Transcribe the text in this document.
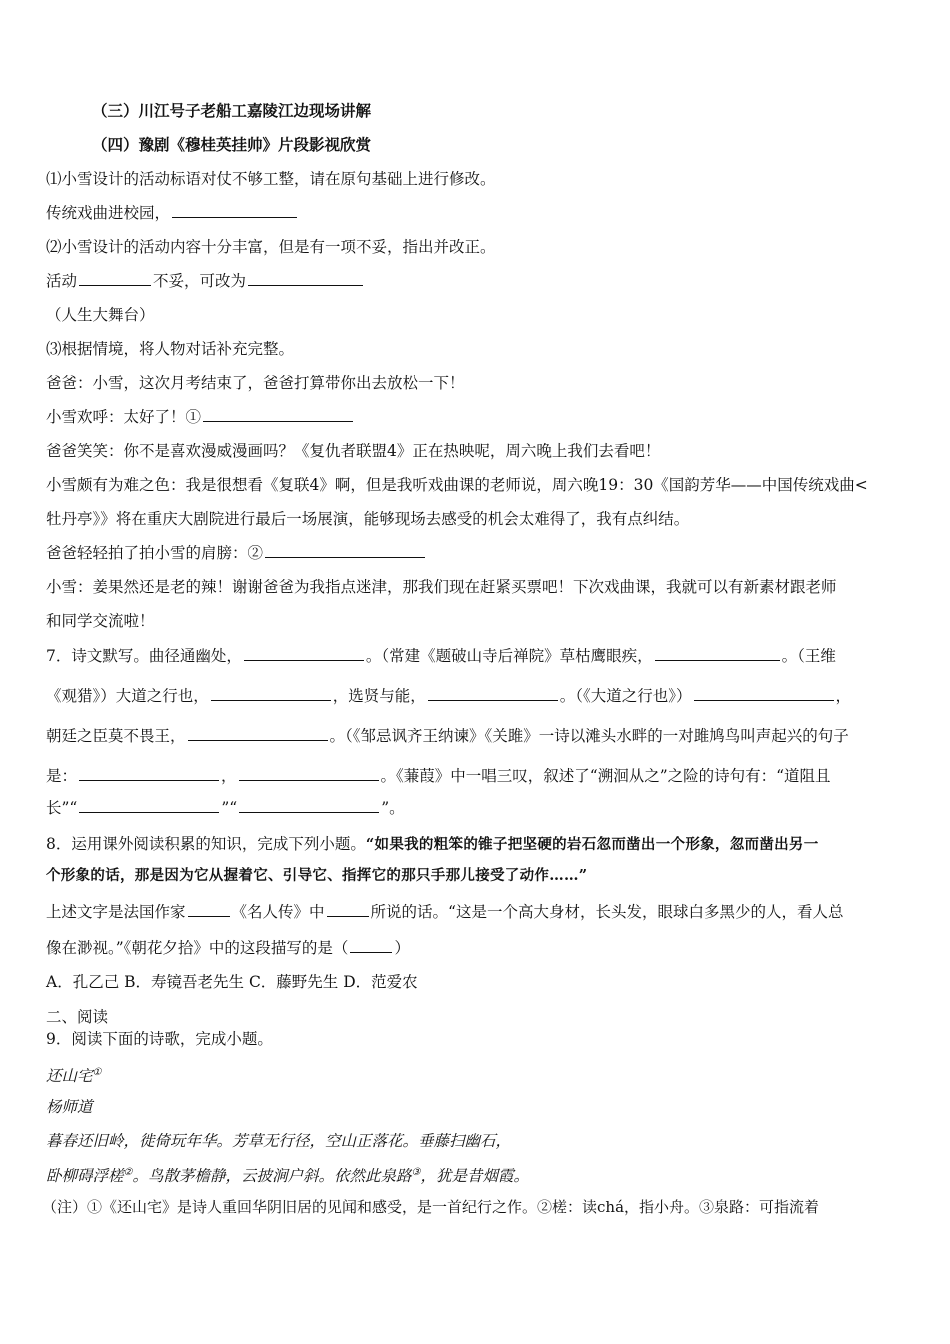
（三）川江号子老船工嘉陵江边现场讲解
（四）豫剧《穆桂英挂帅》片段影视欣赏
⑴小雪设计的活动标语对仗不够工整，请在原句基础上进行修改。
传统戏曲进校园，
⑵小雪设计的活动内容十分丰富，但是有一项不妥，指出并改正。
活动	不妥，可改为
（人生大舞台）
⑶根据情境，将人物对话补充完整。
爸爸：小雪，这次月考结束了，爸爸打算带你出去放松一下！
小雪欢呼：太好了！①
爸爸笑笑：你不是喜欢漫威漫画吗？《复仇者联盟4》正在热映呢，周六晚上我们去看吧！
小雪颇有为难之色：我是很想看《复联4》啊，但是我听戏曲课的老师说，周六晚19：30《国韵芳华——中国传统戏曲<
牡丹亭》》将在重庆大剧院进行最后一场展演，能够现场去感受的机会太难得了，我有点纠结。
爸爸轻轻拍了拍小雪的肩膀：②
小雪：姜果然还是老的辣！谢谢爸爸为我指点迷津，那我们现在赶紧买票吧！下次戏曲课，我就可以有新素材跟老师
和同学交流啦！
7．诗文默写。曲径通幽处，	。（常建《题破山寺后禅院》草枯鹰眼疾，	。（王维
《观猎》）大道之行也，	，选贤与能，	。（《大道之行也》）	，
朝廷之臣莫不畏王，	。（《邹忌讽齐王纳谏》《关雎》一诗以滩头水畔的一对雎鸠鸟叫声起兴的句子
是：	，	。《蒹葭》中一唱三叹，叙述了“溯洄从之”之险的诗句有：“道阻且
长”“	”“	”。
8．运用课外阅读积累的知识，完成下列小题。“如果我的粗笨的锥子把坚硬的岩石忽而凿出一个形象，忽而凿出另一
个形象的话，那是因为它从握着它、引导它、指挥它的那只手那儿接受了动作……”
上述文字是法国作家	《名人传》中	所说的话。“这是一个高大身材，长头发，眼球白多黑少的人，看人总
像在渺视。”《朝花夕拾》中的这段描写的是（	）
A．孔乙己 B．寿镜吾老先生 C．藤野先生 D．范爱农
二、阅读
9．阅读下面的诗歌，完成小题。
还山宅①
杨师道
暮春还旧岭，徙倚玩年华。芳草无行径，空山正落花。垂藤扫幽石，
卧柳碍浮槎②。鸟散茅檐静，云披涧户斜。依然此泉路③，犹是昔烟霞。
（注）①《还山宅》是诗人重回华阴旧居的见闻和感受，是一首纪行之作。②槎：读chá，指小舟。③泉路：可指流着
